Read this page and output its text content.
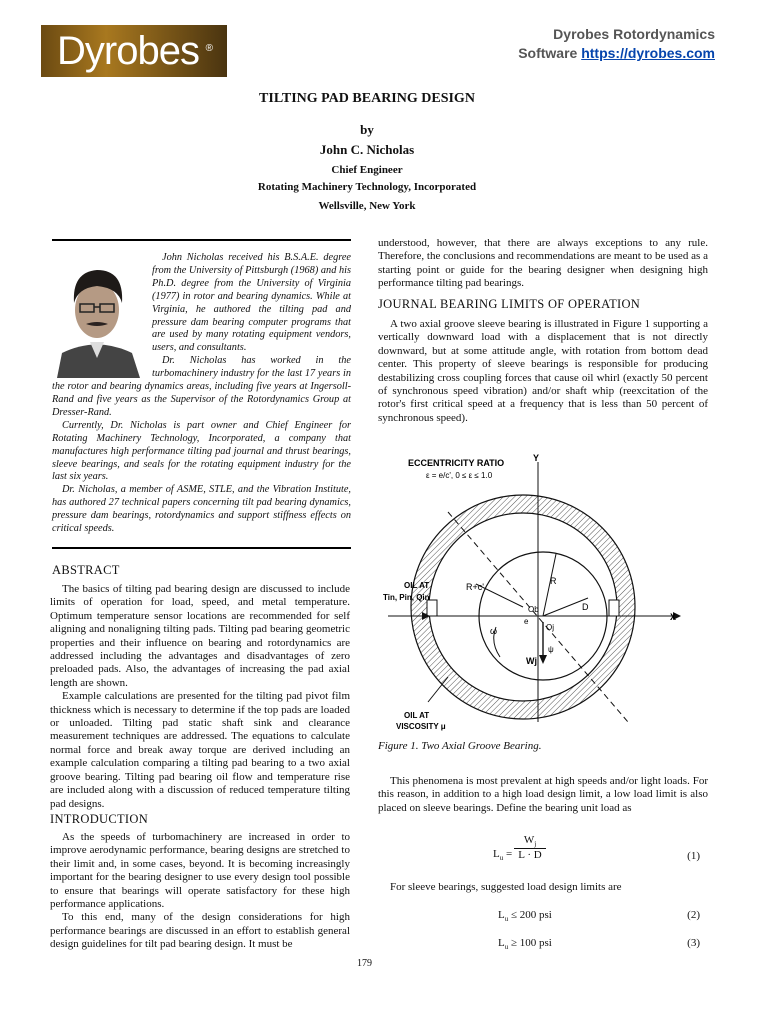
Dyrobes ®
Dyrobes Rotordynamics
Software https://dyrobes.com
TILTING PAD BEARING DESIGN
by
John C. Nicholas
Chief Engineer
Rotating Machinery Technology, Incorporated
Wellsville, New York

John Nicholas received his B.S.A.E. degree from the University of Pittsburgh (1968) and his Ph.D. degree from the University of Virginia (1977) in rotor and bearing dynamics. While at Virginia, he authored the tilting pad and pressure dam bearing computer programs that are used by many rotating equipment vendors, users, and consultants.

Dr. Nicholas has worked in the turbomachinery industry for the last 17 years in the rotor and bearing dynamics areas, including five years at Ingersoll-Rand and five years as the Supervisor of the Rotordynamics Group at Dresser-Rand.

Currently, Dr. Nicholas is part owner and Chief Engineer for Rotating Machinery Technology, Incorporated, a company that manufactures high performance tilting pad journal and thrust bearings, sleeve bearings, and seals for the rotating equipment industry for the last six years.

Dr. Nicholas, a member of ASME, STLE, and the Vibration Institute, has authored 27 technical papers concerning tilt pad bearing dynamics, pressure dam bearings, rotordynamics and support stiffness effects on critical speeds.

ABSTRACT

The basics of tilting pad bearing design are discussed to include limits of operation for load, speed, and metal temperature. Optimum temperature sensor locations are recommended for self aligning and nonaligning tilting pads. Tilting pad bearing geometric properties and their influence on bearing and rotordynamics are addressed including the advantages and disadvantages of zero preloaded pads. Also, the advantages of increasing the pad axial length are shown.

Example calculations are presented for the tilting pad pivot film thickness which is necessary to determine if the top pads are loaded or unloaded. Tilting pad static shaft sink and clearance measurement techniques are addressed. The equations to calculate normal force and break away torque are derived including an example calculation comparing a tilting pad bearing to a two axial groove bearing. Tilting pad bearing oil flow and temperature rise are included along with a discussion of reduced temperature tilting pad designs.

INTRODUCTION

As the speeds of turbomachinery are increased in order to improve aerodynamic performance, bearing designs are stretched to their limit and, in some cases, beyond. It is becoming increasingly important for the bearing designer to use every design tool possible to ensure that bearings will operate satisfactory for these high performance applications.

To this end, many of the design considerations for high performance bearings are discussed in an effort to establish general design guidelines for tilt pad bearing design. It must be

understood, however, that there are always exceptions to any rule. Therefore, the conclusions and recommendations are meant to be used as a starting point or guide for the bearing designer when designing high performance tilting pad bearings.

JOURNAL BEARING LIMITS OF OPERATION

A two axial groove sleeve bearing is illustrated in Figure 1 supporting a vertically downward load with a displacement that is not directly downward, but at some attitude angle, with rotation from bottom dead center. This property of sleeve bearings is responsible for producing destabilizing cross coupling forces that cause oil whirl (exactly 50 percent of synchronous speed vibration) and/or shaft whip (reexcitation of the rotor's first critical speed at a frequency that is less than 50 percent of synchronous speed).

ECCENTRICITY RATIO
ε = e/c', 0 ≤ ε ≤ 1.0
Y
X
OIL AT
Tin, Pin, Qin
OIL AT
VISCOSITY μ
R+c'
R
D
Ob
Oj
e
ω
Wj
ψ
Figure 1. Two Axial Groove Bearing.

This phenomena is most prevalent at high speeds and/or light loads. For this reason, in addition to a high load design limit, a low load limit is also placed on sleeve bearings. Define the bearing unit load as

$L_u = \frac{W_j}{L \cdot D}$	(1)

For sleeve bearings, suggested load design limits are

$L_u \le 200$ psi	(2)
$L_u \ge 100$ psi	(3)
179
